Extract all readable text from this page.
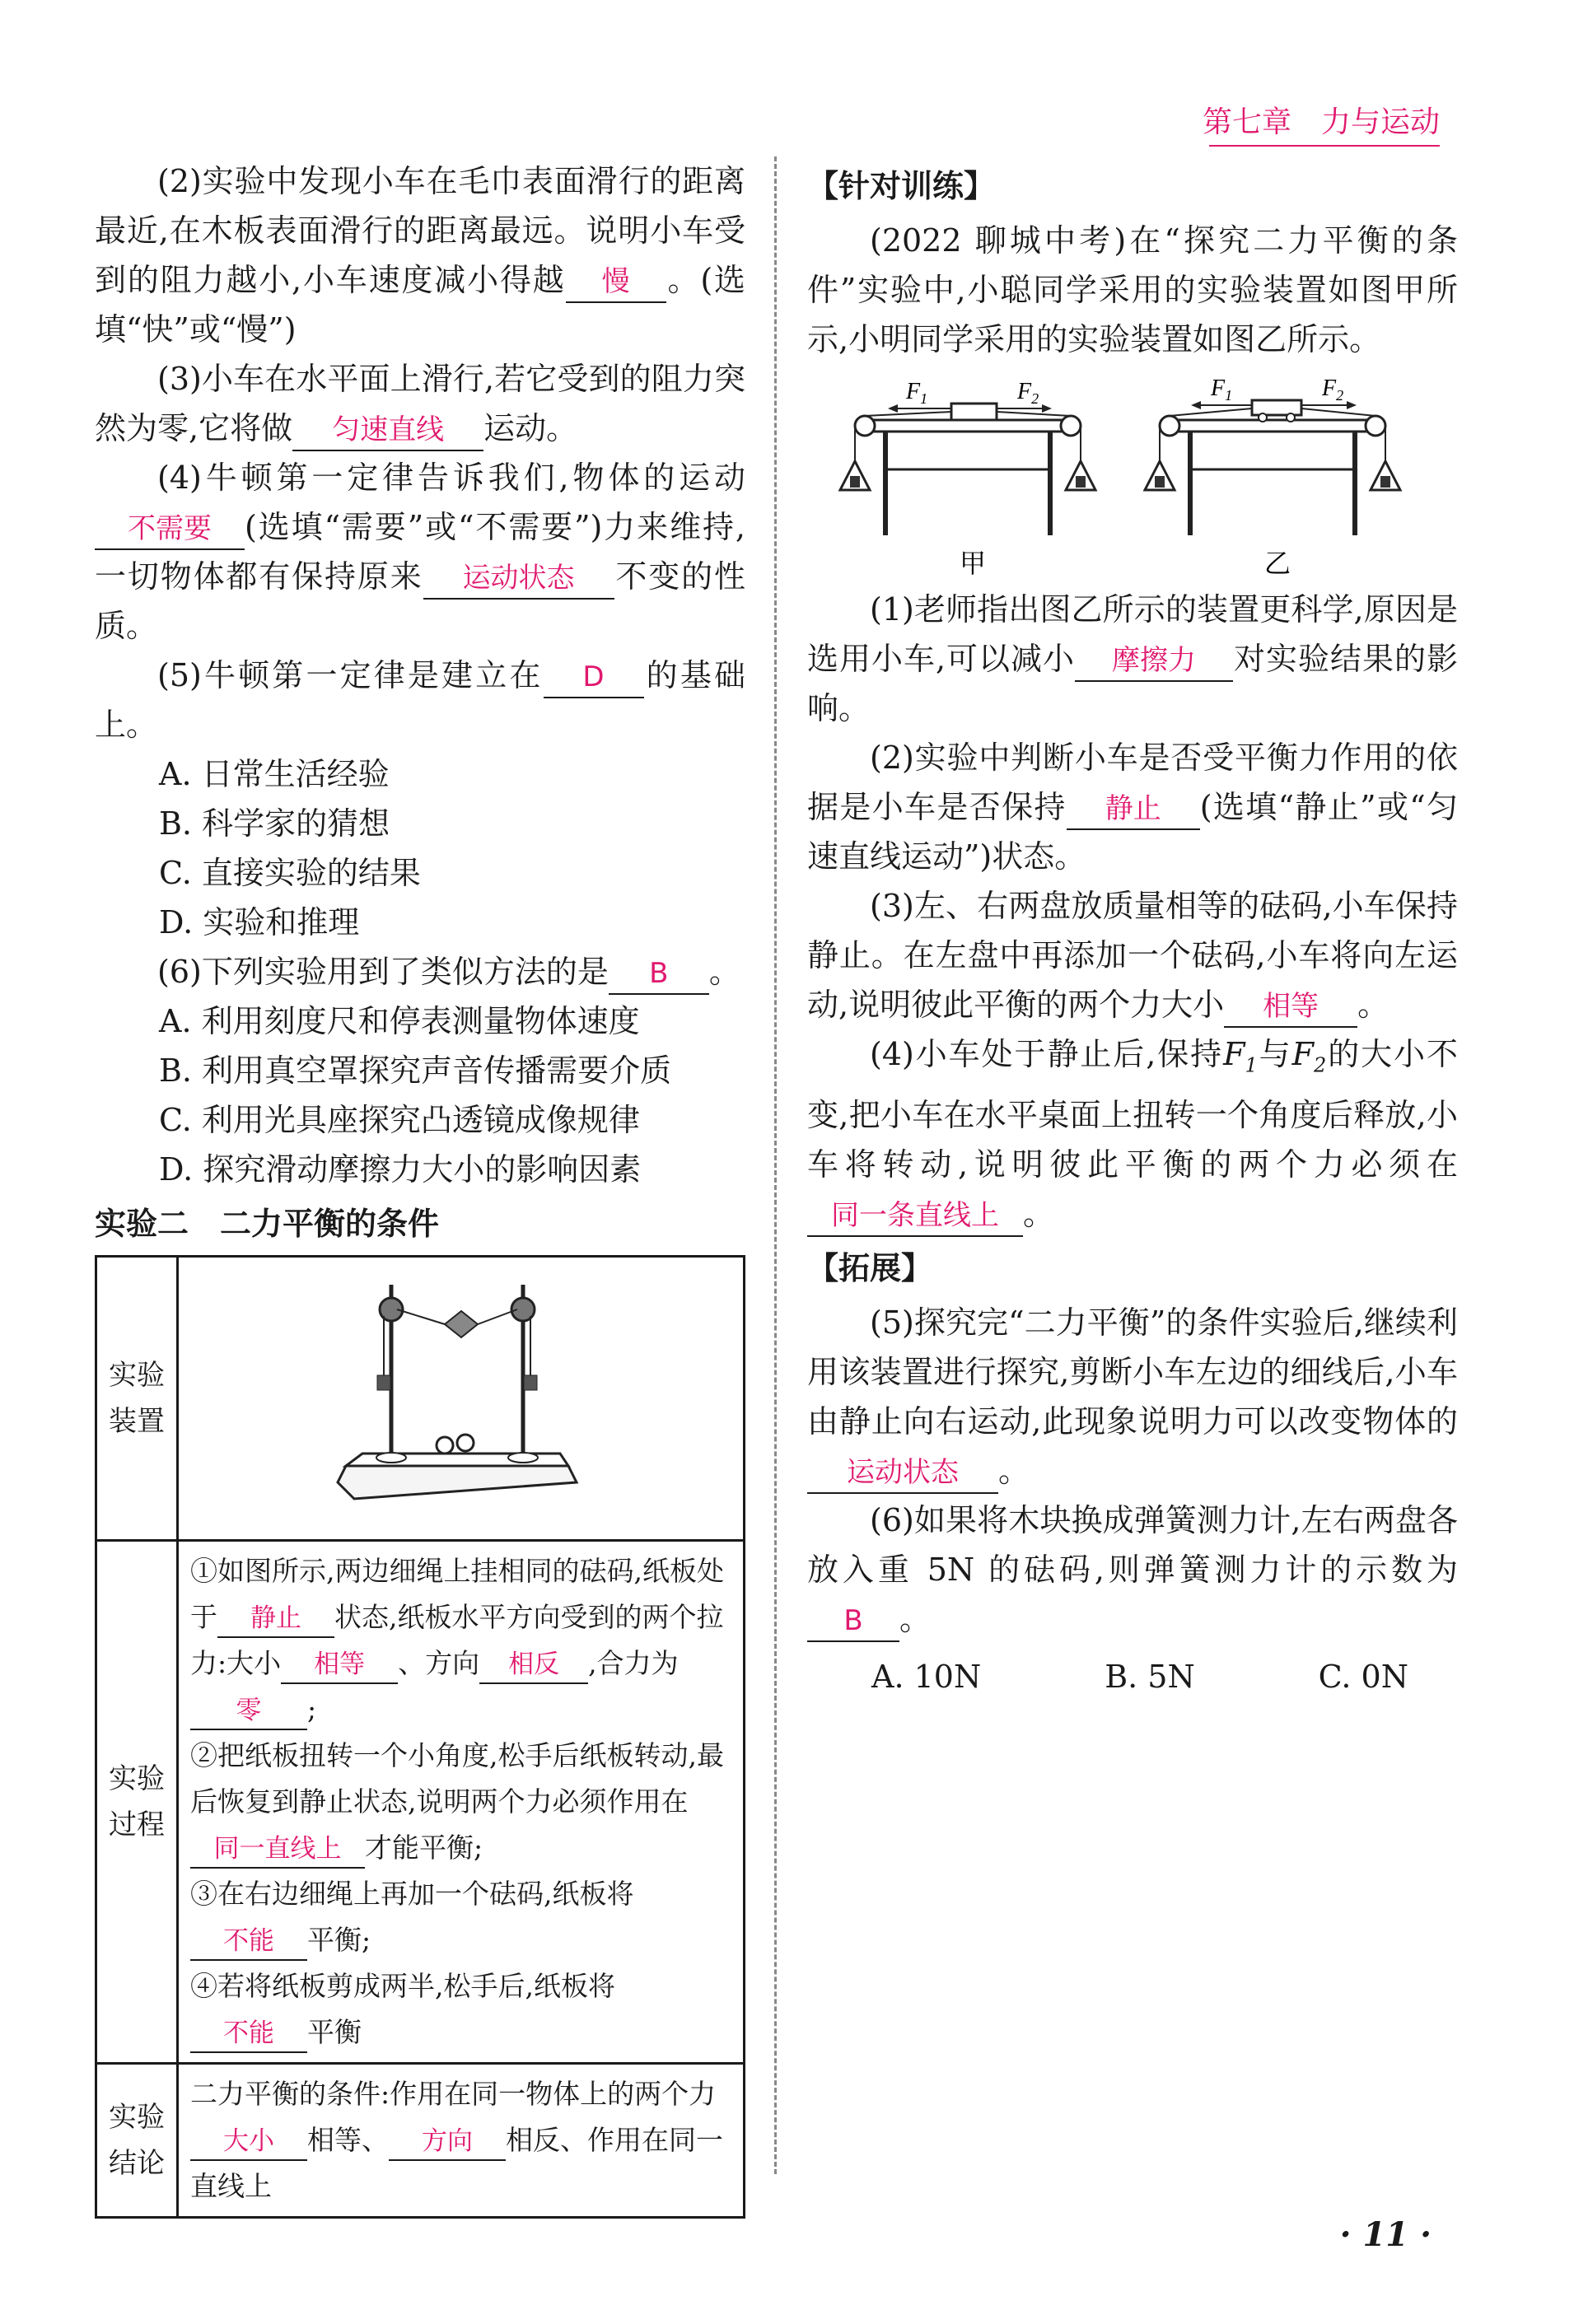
第七章　力与运动

(2)实验中发现小车在毛巾表面滑行的距离最近,在木板表面滑行的距离最远。说明小车受到的阻力越小,小车速度减小得越 慢 。(选填“快”或“慢”)

(3)小车在水平面上滑行,若它受到的阻力突然为零,它将做 匀速直线 运动。

(4)牛顿第一定律告诉我们,物体的运动不需要 (选填“需要”或“不需要”)力来维持,一切物体都有保持原来 运动状态 不变的性质。

(5)牛顿第一定律是建立在 D 的基础上。

A. 日常生活经验

B. 科学家的猜想

C. 直接实验的结果

D. 实验和推理

(6)下列实验用到了类似方法的是 B 。

A. 利用刻度尺和停表测量物体速度

B. 利用真空罩探究声音传播需要介质

C. 利用光具座探究凸透镜成像规律

D. 探究滑动摩擦力大小的影响因素

实验二　二力平衡的条件
实验装置	
实验过程	①如图所示,两边细绳上挂相同的砝码,纸板处于 静止 状态,纸板水平方向受到的两个拉力:大小 相等 、方向 相反 ,合力为零 ;
②把纸板扭转一个小角度,松手后纸板转动,最后恢复到静止状态,说明两个力必须作用在同一直线上 才能平衡;
③在右边细绳上再加一个砝码,纸板将不能 平衡;
④若将纸板剪成两半,松手后,纸板将不能 平衡

实验结论	二力平衡的条件:作用在同一物体上的两个力大小 相等、 方向 相反、作用在同一直线上
【针对训练】

(2022 聊城中考)在“探究二力平衡的条件”实验中,小聪同学采用的实验装置如图甲所示,小明同学采用的实验装置如图乙所示。

$F_1$	$F_2$
甲
$F_1$	$F_2$
乙

(1)老师指出图乙所示的装置更科学,原因是选用小车,可以减小 摩擦力 对实验结果的影响。

(2)实验中判断小车是否受平衡力作用的依据是小车是否保持 静止 (选填“静止”或“匀速直线运动”)状态。

(3)左、右两盘放质量相等的砝码,小车保持静止。在左盘中再添加一个砝码,小车将向左运动,说明彼此平衡的两个力大小 相等 。

(4)小车处于静止后,保持$F_1$与$F_2$的大小不变,把小车在水平桌面上扭转一个角度后释放,小车将转动,说明彼此平衡的两个力必须在同一条直线上 。

【拓展】

(5)探究完“二力平衡”的条件实验后,继续利用该装置进行探究,剪断小车左边的细线后,小车由静止向右运动,此现象说明力可以改变物体的运动状态 。

(6)如果将木块换成弹簧测力计,左右两盘各放入重 5N 的砝码,则弹簧测力计的示数为B 。

A. 10N	B. 5N	C. 0N
· 11 ·
